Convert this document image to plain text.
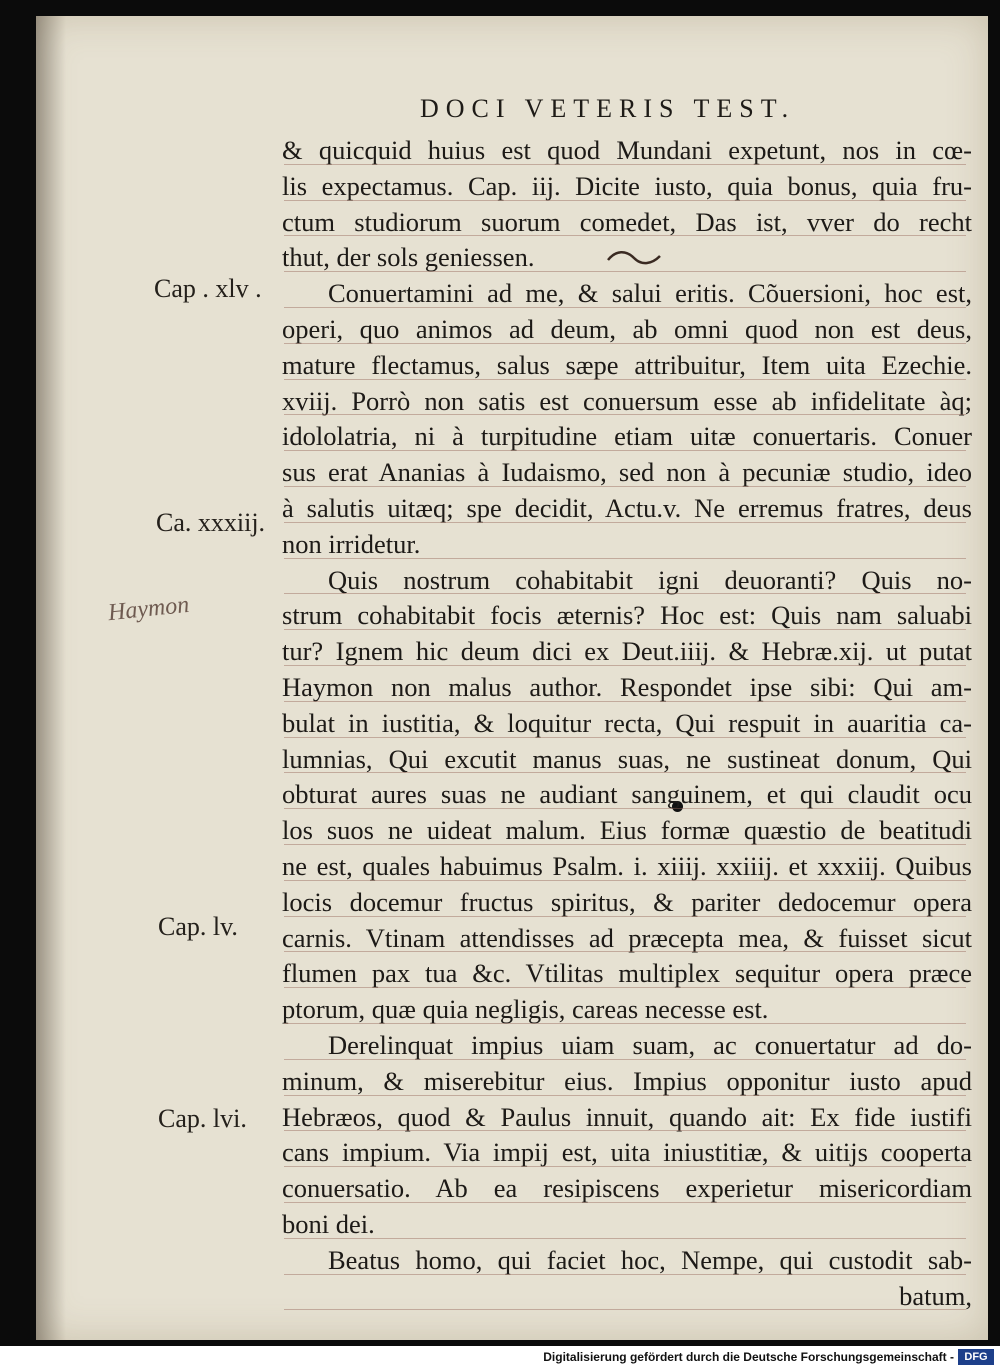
DOCI VETERIS TEST.
Cap . xlv .
Ca. xxxiij.
Cap. lv.
Cap. lvi.
Haymon
& quicquid huius est quod Mundani expetunt, nos in cœ-
lis expectamus. Cap. iij. Dicite iusto, quia bonus, quia fru-
ctum studiorum suorum comedet, Das ist, vver do recht
thut, der sols geniessen.
Conuertamini ad me, & salui eritis. Cõuersioni, hoc est,
operi, quo animos ad deum, ab omni quod non est deus,
mature flectamus, salus sæpe attribuitur, Item uita Ezechie.
xviij. Porrò non satis est conuersum esse ab infidelitate àq;
idololatria, ni à turpitudine etiam uitæ conuertaris. Conuer
sus erat Ananias à Iudaismo, sed non à pecuniæ studio, ideo
à salutis uitæq; spe decidit, Actu.v. Ne erremus fratres, deus
non irridetur.
Quis nostrum cohabitabit igni deuoranti? Quis no-
strum cohabitabit focis æternis? Hoc est: Quis nam saluabi
tur? Ignem hic deum dici ex Deut.iiij. & Hebræ.xij. ut putat
Haymon non malus author. Respondet ipse sibi: Qui am-
bulat in iustitia, & loquitur recta, Qui respuit in auaritia ca-
lumnias, Qui excutit manus suas, ne sustineat donum, Qui
obturat aures suas ne audiant sanguinem, et qui claudit ocu
los suos ne uideat malum. Eius formæ quæstio de beatitudi
ne est, quales habuimus Psalm. i. xiiij. xxiiij. et xxxiij. Quibus
locis docemur fructus spiritus, & pariter dedocemur opera
carnis. Vtinam attendisses ad præcepta mea, & fuisset sicut
flumen pax tua &c. Vtilitas multiplex sequitur opera præce
ptorum, quæ quia negligis, careas necesse est.
Derelinquat impius uiam suam, ac conuertatur ad do-
minum, & miserebitur eius. Impius opponitur iusto apud
Hebræos, quod & Paulus innuit, quando ait: Ex fide iustifi
cans impium. Via impij est, uita iniustitiæ, & uitijs cooperta
conuersatio. Ab ea resipiscens experietur misericordiam
boni dei.
Beatus homo, qui faciet hoc, Nempe, qui custodit sab-
batum,
Digitalisierung gefördert durch die Deutsche Forschungsgemeinschaft - DFG
